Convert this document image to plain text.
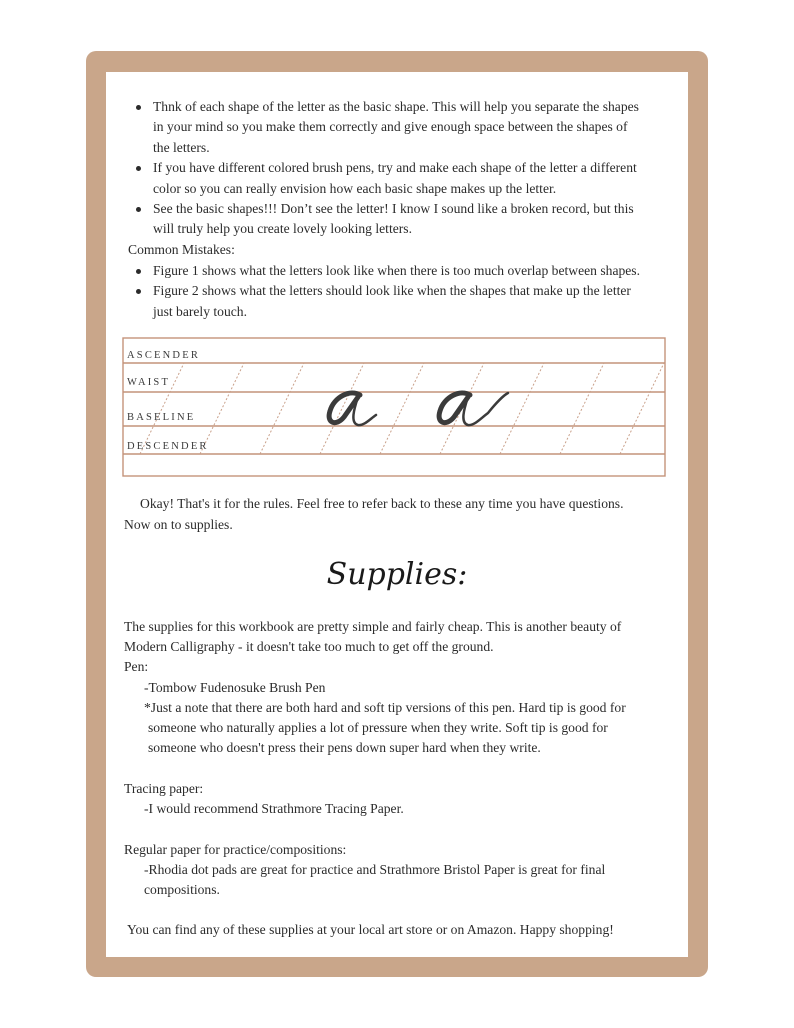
Thnk of each shape of the letter as the basic shape. This will help you separate the shapes
in your mind so you make them correctly and give enough space between the shapes of
the letters.
If you have different colored brush pens, try and make each shape of the letter a different
color so you can really envision how each basic shape makes up the letter.
See the basic shapes!!! Don’t see the letter! I know I sound like a broken record, but this
will truly help you create lovely looking letters.

Common Mistakes:

Figure 1 shows what the letters look like when there is too much overlap between shapes.
Figure 2 shows what the letters should look like when the shapes that make up the letter
just barely touch.
ASCENDER
WAIST
BASELINE
DESCENDER

Okay! That's it for the rules. Feel free to refer back to these any time you have questions.

Now on to supplies.

Supplies:

The supplies for this workbook are pretty simple and fairly cheap. This is another beauty of

Modern Calligraphy - it doesn't take too much to get off the ground.

Pen:

-Tombow Fudenosuke Brush Pen

*Just a note that there are both hard and soft tip versions of this pen. Hard tip is good for

someone who naturally applies a lot of pressure when they write. Soft tip is good for

someone who doesn't press their pens down super hard when they write.

Tracing paper:

-I would recommend Strathmore Tracing Paper.

Regular paper for practice/compositions:

-Rhodia dot pads are great for practice and Strathmore Bristol Paper is great for final

compositions.

You can find any of these supplies at your local art store or on Amazon. Happy shopping!
